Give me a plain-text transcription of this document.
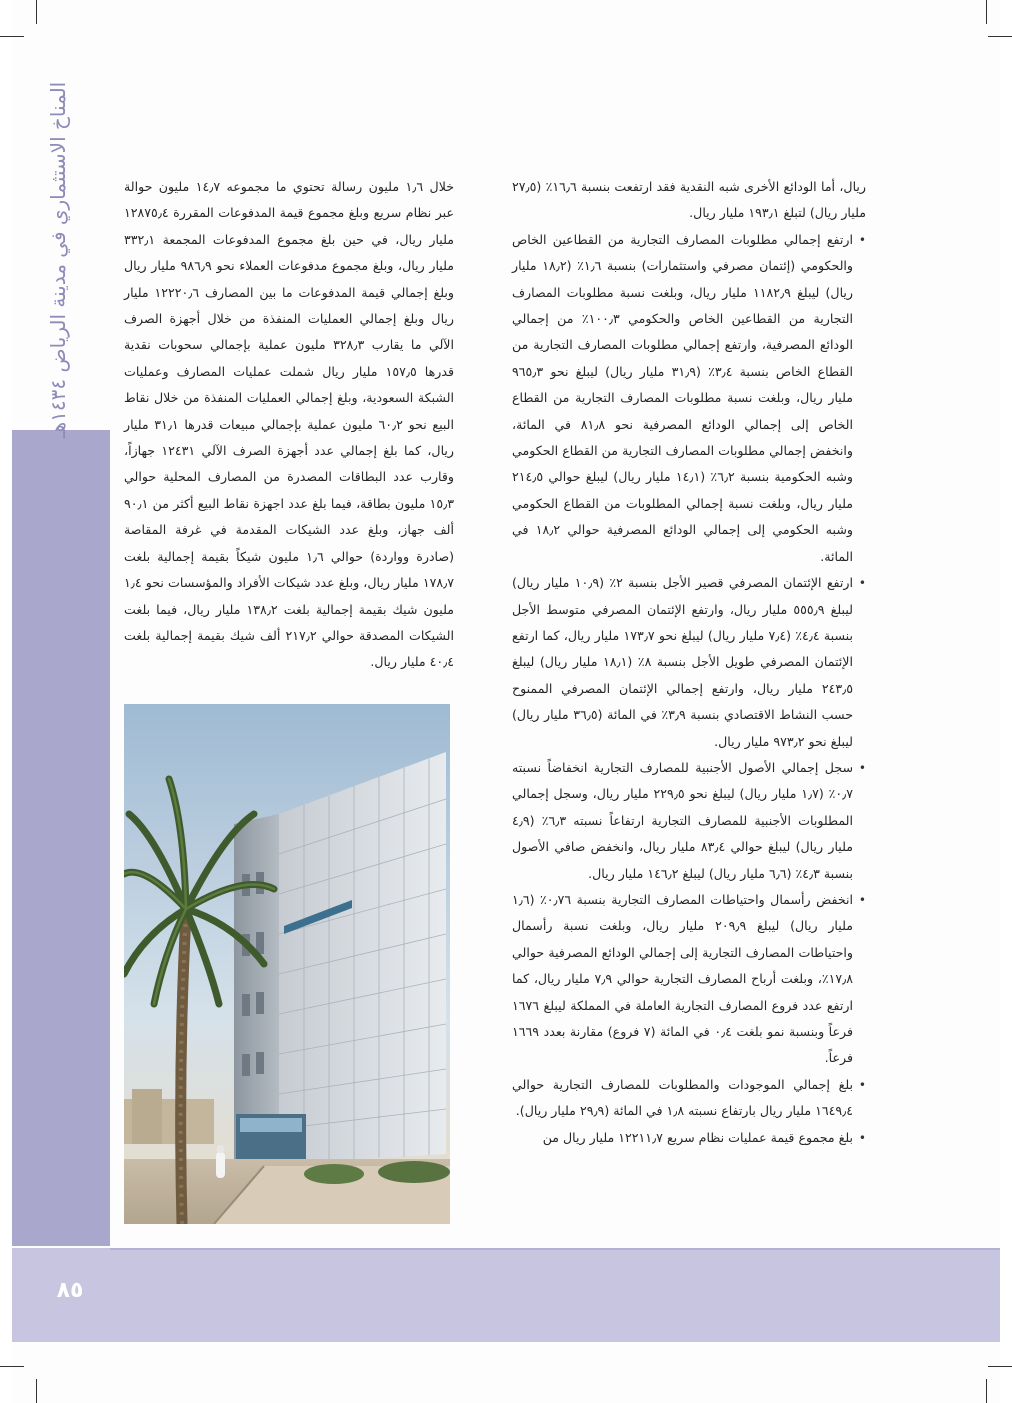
المناخ الاستثماري في مدينة الرياض ١٤٣٤هـ
٨٥

ريال، أما الودائع الأخرى شبه النقدية فقد ارتفعت بنسبة ١٦٫٦٪ (٢٧٫٥ مليار ريال) لتبلغ ١٩٣٫١ مليار ريال.

•
ارتفع إجمالي مطلوبات المصارف التجارية من القطاعين الخاص والحكومي (إئتمان مصرفي واستثمارات) بنسبة ١٫٦٪ (١٨٫٢ مليار ريال) ليبلغ ١١٨٢٫٩ مليار ريال، وبلغت نسبة مطلوبات المصارف التجارية من القطاعين الخاص والحكومي ١٠٠٫٣٪ من إجمالي الودائع المصرفية، وارتفع إجمالي مطلوبات المصارف التجارية من القطاع الخاص بنسبة ٣٫٤٪ (٣١٫٩ مليار ريال) ليبلغ نحو ٩٦٥٫٣ مليار ريال، وبلغت نسبة مطلوبات المصارف التجارية من القطاع الخاص إلى إجمالي الودائع المصرفية نحو ٨١٫٨ في المائة، وانخفض إجمالي مطلوبات المصارف التجارية من القطاع الحكومي وشبه الحكومية بنسبة ٦٫٢٪ (١٤٫١ مليار ريال) ليبلغ حوالي ٢١٤٫٥ مليار ريال، وبلغت نسبة إجمالي المطلوبات من القطاع الحكومي وشبه الحكومي إلى إجمالي الودائع المصرفية حوالي ١٨٫٢ في المائة.
•
ارتفع الإئتمان المصرفي قصير الأجل بنسبة ٢٪ (١٠٫٩ مليار ريال) ليبلغ ٥٥٥٫٩ مليار ريال، وارتفع الإئتمان المصرفي متوسط الأجل بنسبة ٤٫٤٪ (٧٫٤ مليار ريال) ليبلغ نحو ١٧٣٫٧ مليار ريال، كما ارتفع الإئتمان المصرفي طويل الأجل بنسبة ٨٪ (١٨٫١ مليار ريال) ليبلغ ٢٤٣٫٥ مليار ريال، وارتفع إجمالي الإئتمان المصرفي الممنوح حسب النشاط الاقتصادي بنسبة ٣٫٩٪ في المائة (٣٦٫٥ مليار ريال) ليبلغ نحو ٩٧٣٫٢ مليار ريال.
•
سجل إجمالي الأصول الأجنبية للمصارف التجارية انخفاضاً نسبته ٠٫٧٪ (١٫٧ مليار ريال) ليبلغ نحو ٢٢٩٫٥ مليار ريال، وسجل إجمالي المطلوبات الأجنبية للمصارف التجارية ارتفاعاً نسبته ٦٫٣٪ (٤٫٩ مليار ريال) ليبلغ حوالي ٨٣٫٤ مليار ريال، وانخفض صافي الأصول بنسبة ٤٫٣٪ (٦٫٦ مليار ريال) ليبلغ ١٤٦٫٢ مليار ريال.
•
انخفض رأسمال واحتياطات المصارف التجارية بنسبة ٠٫٧٦٪ (١٫٦ مليار ريال) ليبلغ ٢٠٩٫٩ مليار ريال، وبلغت نسبة رأسمال واحتياطات المصارف التجارية إلى إجمالي الودائع المصرفية حوالي ١٧٫٨٪، وبلغت أرباح المصارف التجارية حوالي ٧٫٩ مليار ريال، كما ارتفع عدد فروع المصارف التجارية العاملة في المملكة ليبلغ ١٦٧٦ فرعاً وبنسبة نمو بلغت ٠٫٤ في المائة (٧ فروع) مقارنة بعدد ١٦٦٩ فرعاً.
•
بلغ إجمالي الموجودات والمطلوبات للمصارف التجارية حوالي ١٦٤٩٫٤ مليار ريال بارتفاع نسبته ١٫٨ في المائة (٢٩٫٩ مليار ريال).
•
بلغ مجموع قيمة عمليات نظام سريع ١٢٢١١٫٧ مليار ريال من

خلال ١٫٦ مليون رسالة تحتوي ما مجموعه ١٤٫٧ مليون حوالة عبر نظام سريع وبلغ مجموع قيمة المدفوعات المقررة ١٢٨٧٥٫٤ مليار ريال، في حين بلغ مجموع المدفوعات المجمعة ٣٣٢٫١ مليار ريال، وبلغ مجموع مدفوعات العملاء نحو ٩٨٦٫٩ مليار ريال وبلغ إجمالي قيمة المدفوعات ما بين المصارف ١٢٢٢٠٫٦ مليار ريال وبلغ إجمالي العمليات المنفذة من خلال أجهزة الصرف الآلي ما يقارب ٣٢٨٫٣ مليون عملية بإجمالي سحوبات نقدية قدرها ١٥٧٫٥ مليار ريال شملت عمليات المصارف وعمليات الشبكة السعودية، وبلغ إجمالي العمليات المنفذة من خلال نقاط البيع نحو ٦٠٫٢ مليون عملية بإجمالي مبيعات قدرها ٣١٫١ مليار ريال، كما بلغ إجمالي عدد أجهزة الصرف الآلي ١٢٤٣١ جهازاً، وقارب عدد البطاقات المصدرة من المصارف المحلية حوالي ١٥٫٣ مليون بطاقة، فيما بلغ عدد اجهزة نقاط البيع أكثر من ٩٠٫١ ألف جهاز، وبلغ عدد الشيكات المقدمة في غرفة المقاصة (صادرة وواردة) حوالي ١٫٦ مليون شيكاً بقيمة إجمالية بلغت ١٧٨٫٧ مليار ريال، وبلغ عدد شيكات الأفراد والمؤسسات نحو ١٫٤ مليون شيك بقيمة إجمالية بلغت ١٣٨٫٢ مليار ريال، فيما بلغت الشيكات المصدقة حوالي ٢١٧٫٢ ألف شيك بقيمة إجمالية بلغت ٤٠٫٤ مليار ريال.
